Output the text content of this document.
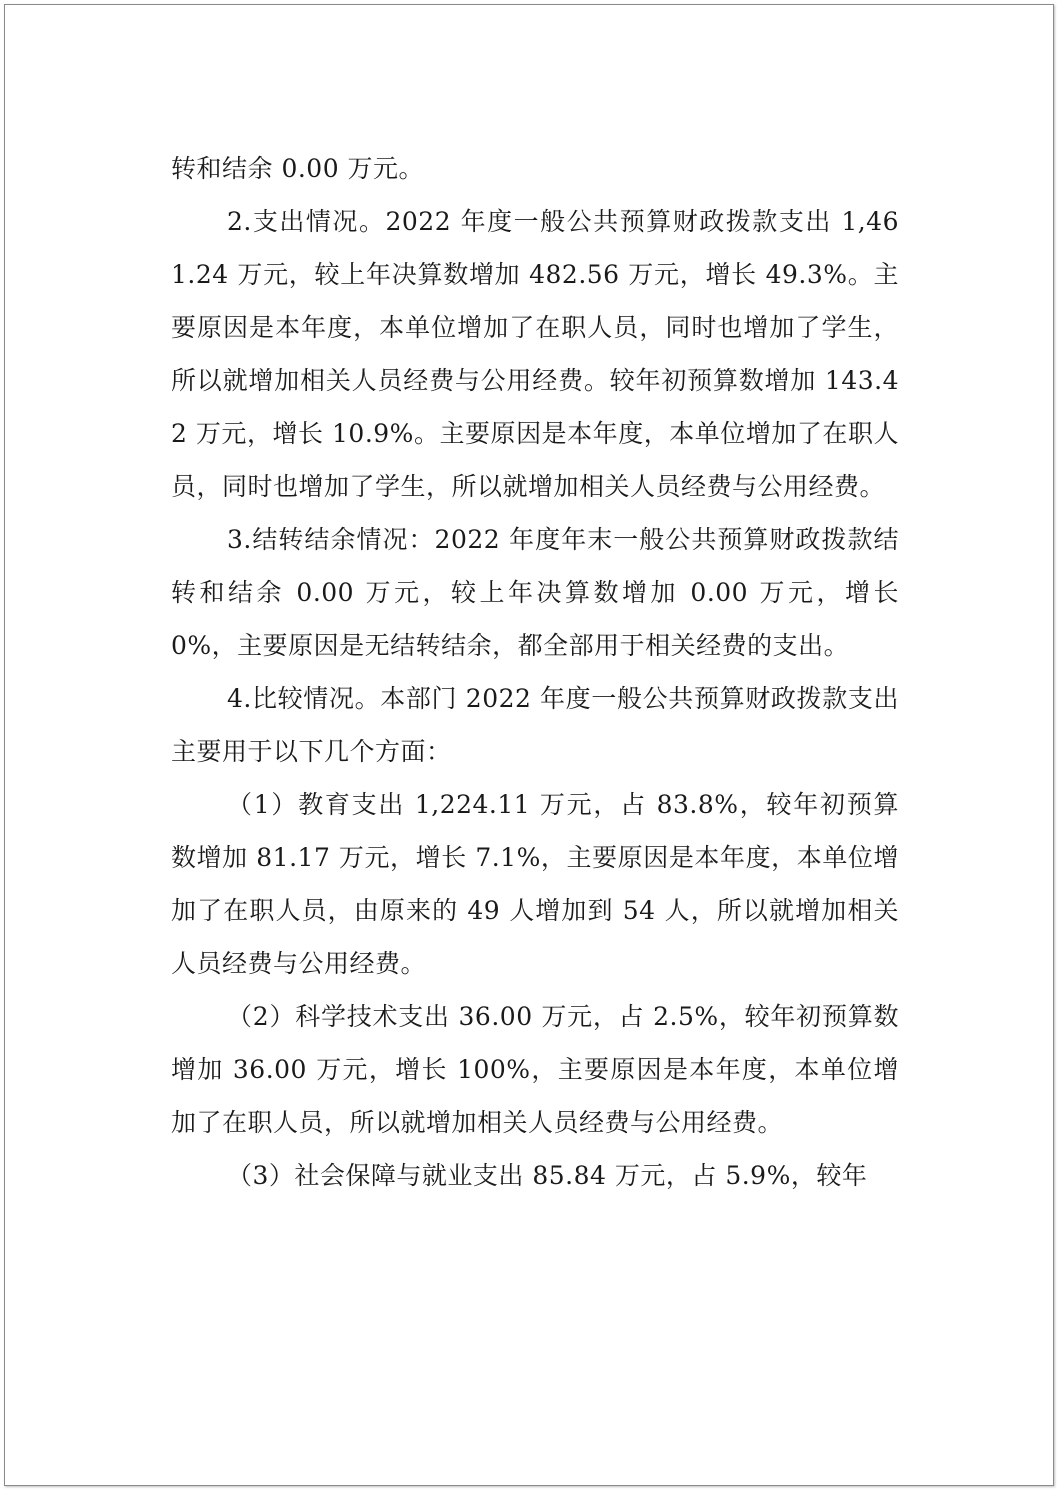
转和结余 0.00 万元。

2.支出情况。2022 年度一般公共预算财政拨款支出 1,461.24 万元，较上年决算数增加 482.56 万元，增长 49.3%。主要原因是本年度，本单位增加了在职人员，同时也增加了学生，所以就增加相关人员经费与公用经费。较年初预算数增加 143.42 万元，增长 10.9%。主要原因是本年度，本单位增加了在职人员，同时也增加了学生，所以就增加相关人员经费与公用经费。

3.结转结余情况：2022 年度年末一般公共预算财政拨款结转和结余 0.00 万元，较上年决算数增加 0.00 万元，增长 0%，主要原因是无结转结余，都全部用于相关经费的支出。

4.比较情况。本部门 2022 年度一般公共预算财政拨款支出主要用于以下几个方面：

（1）教育支出 1,224.11 万元，占 83.8%，较年初预算数增加 81.17 万元，增长 7.1%，主要原因是本年度，本单位增加了在职人员，由原来的 49 人增加到 54 人，所以就增加相关人员经费与公用经费。

（2）科学技术支出 36.00 万元，占 2.5%，较年初预算数增加 36.00 万元，增长 100%，主要原因是本年度，本单位增加了在职人员，所以就增加相关人员经费与公用经费。

（3）社会保障与就业支出 85.84 万元，占 5.9%，较年
